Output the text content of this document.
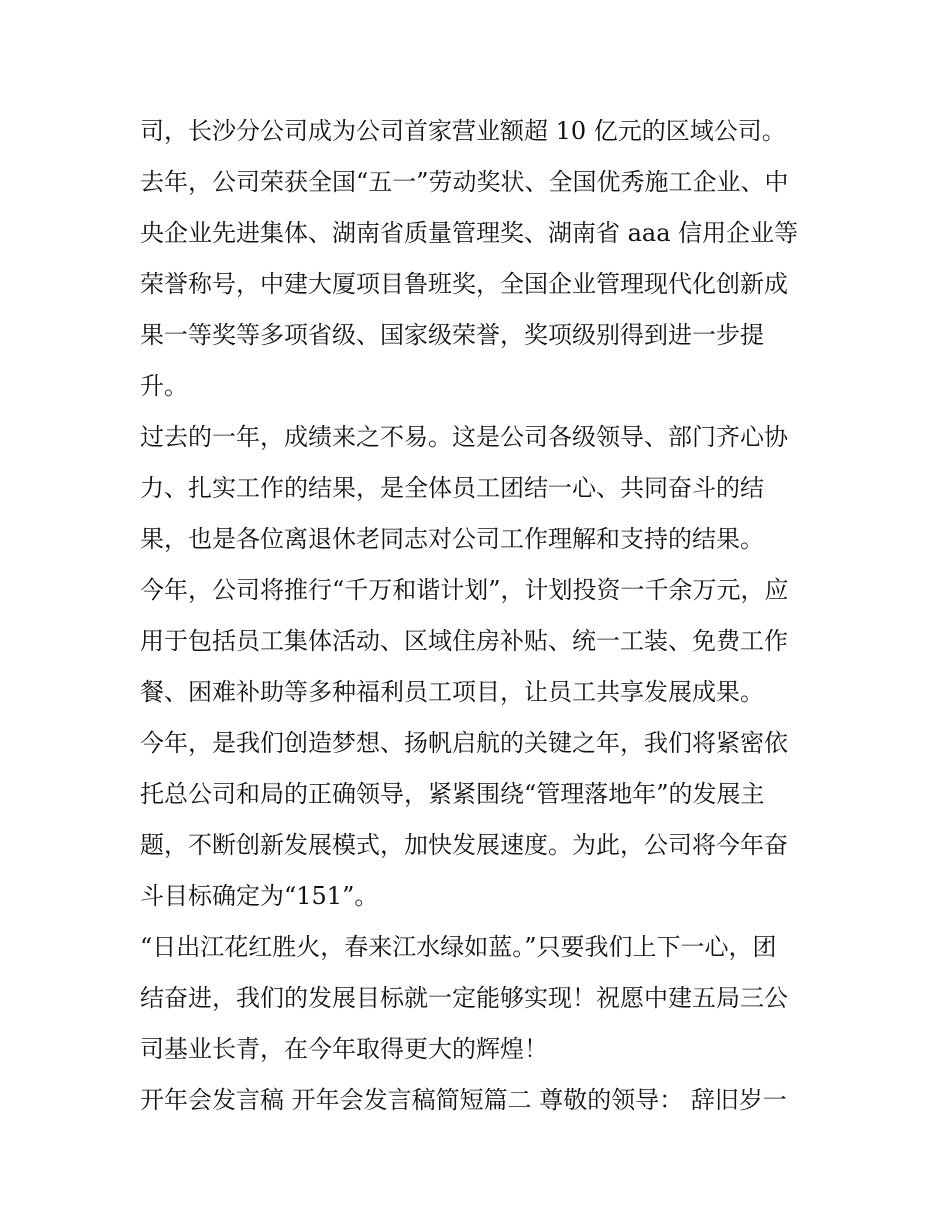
司，长沙分公司成为公司首家营业额超 10 亿元的区域公司。
去年，公司荣获全国“五一”劳动奖状、全国优秀施工企业、中
央企业先进集体、湖南省质量管理奖、湖南省 aaa 信用企业等
荣誉称号，中建大厦项目鲁班奖，全国企业管理现代化创新成
果一等奖等多项省级、国家级荣誉，奖项级别得到进一步提
升。
过去的一年，成绩来之不易。这是公司各级领导、部门齐心协
力、扎实工作的结果，是全体员工团结一心、共同奋斗的结
果，也是各位离退休老同志对公司工作理解和支持的结果。
今年，公司将推行“千万和谐计划”，计划投资一千余万元，应
用于包括员工集体活动、区域住房补贴、统一工装、免费工作
餐、困难补助等多种福利员工项目，让员工共享发展成果。
今年，是我们创造梦想、扬帆启航的关键之年，我们将紧密依
托总公司和局的正确领导，紧紧围绕“管理落地年”的发展主
题，不断创新发展模式，加快发展速度。为此，公司将今年奋
斗目标确定为“151”。
“日出江花红胜火，春来江水绿如蓝。”只要我们上下一心，团
结奋进，我们的发展目标就一定能够实现！祝愿中建五局三公
司基业长青，在今年取得更大的辉煌！
开年会发言稿 开年会发言稿简短篇二 尊敬的领导： 辞旧岁一
